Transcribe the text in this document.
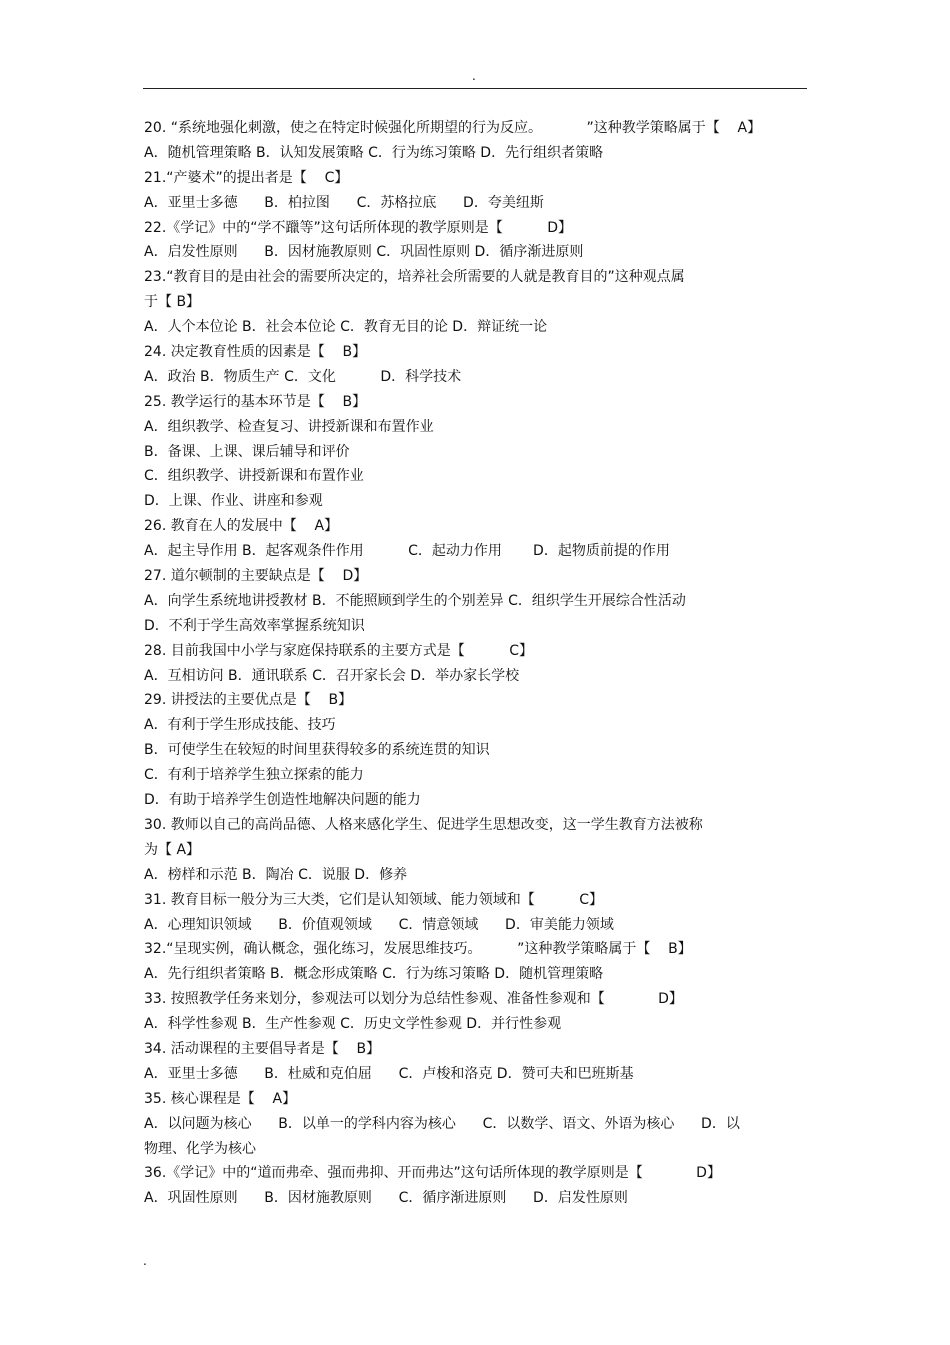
.
20. “系统地强化刺激，使之在特定时候强化所期望的行为反应。          ”这种教学策略属于【    A】
A．随机管理策略 B．认知发展策略 C．行为练习策略 D．先行组织者策略
21.“产婆术”的提出者是【    C】
A．亚里士多德      B．柏拉图      C．苏格拉底      D．夸美纽斯
22.《学记》中的“学不躐等”这句话所体现的教学原则是【          D】
A．启发性原则      B．因材施教原则 C．巩固性原则 D．循序渐进原则
23.“教育目的是由社会的需要所决定的，培养社会所需要的人就是教育目的”这种观点属
于【 B】
A．人个本位论 B．社会本位论 C．教育无目的论 D．辩证统一论
24. 决定教育性质的因素是【    B】
A．政治 B．物质生产 C．文化          D．科学技术
25. 教学运行的基本环节是【    B】
A．组织教学、检查复习、讲授新课和布置作业
B．备课、上课、课后辅导和评价
C．组织教学、讲授新课和布置作业
D．上课、作业、讲座和参观
26. 教育在人的发展中【    A】
A．起主导作用 B．起客观条件作用          C．起动力作用       D．起物质前提的作用
27. 道尔顿制的主要缺点是【    D】
A．向学生系统地讲授教材 B．不能照顾到学生的个别差异 C．组织学生开展综合性活动
D．不利于学生高效率掌握系统知识
28. 目前我国中小学与家庭保持联系的主要方式是【          C】
A．互相访问 B．通讯联系 C．召开家长会 D．举办家长学校
29. 讲授法的主要优点是【    B】
A．有利于学生形成技能、技巧
B．可使学生在较短的时间里获得较多的系统连贯的知识
C．有利于培养学生独立探索的能力
D．有助于培养学生创造性地解决问题的能力
30. 教师以自己的高尚品德、人格来感化学生、促进学生思想改变，这一学生教育方法被称
为【 A】
A．榜样和示范 B．陶冶 C．说服 D．修养
31. 教育目标一般分为三大类，它们是认知领域、能力领域和【          C】
A．心理知识领域      B．价值观领域      C．情意领域      D．审美能力领域
32.“呈现实例，确认概念，强化练习，发展思维技巧。        ”这种教学策略属于【    B】
A．先行组织者策略 B．概念形成策略 C．行为练习策略 D．随机管理策略
33. 按照教学任务来划分，参观法可以划分为总结性参观、准备性参观和【            D】
A．科学性参观 B．生产性参观 C．历史文学性参观 D．并行性参观
34. 活动课程的主要倡导者是【    B】
A．亚里士多德      B．杜威和克伯屈      C．卢梭和洛克 D．赞可夫和巴班斯基
35. 核心课程是【    A】
A．以问题为核心      B．以单一的学科内容为核心      C．以数学、语文、外语为核心      D．以
物理、化学为核心
36.《学记》中的“道而弗牵、强而弗抑、开而弗达”这句话所体现的教学原则是【            D】
A．巩固性原则      B．因材施教原则      C．循序渐进原则      D．启发性原则
.
